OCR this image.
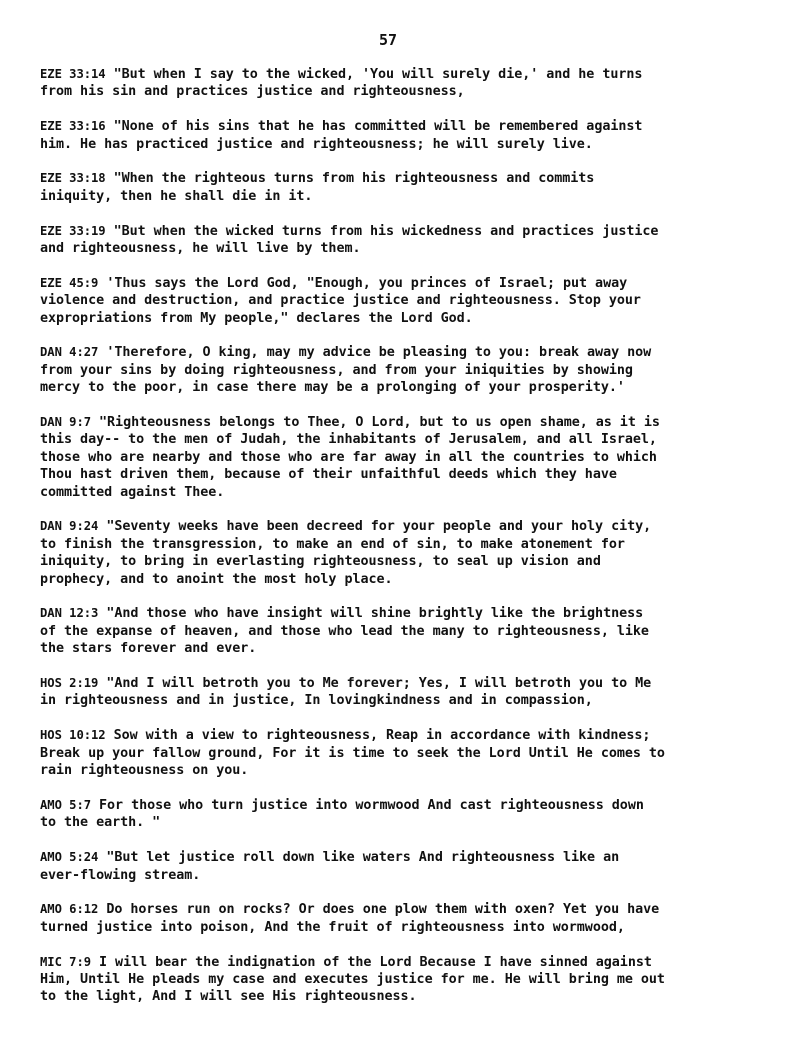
57

EZE 33:14 "But when I say to the wicked, 'You will surely die,' and he turns
from his sin and practices justice and righteousness,

EZE 33:16 "None of his sins that he has committed will be remembered against
him. He has practiced justice and righteousness; he will surely live.

EZE 33:18 "When the righteous turns from his righteousness and commits
iniquity, then he shall die in it.

EZE 33:19 "But when the wicked turns from his wickedness and practices justice
and righteousness, he will live by them.

EZE 45:9 'Thus says the Lord God, "Enough, you princes of Israel; put away
violence and destruction, and practice justice and righteousness. Stop your
expropriations from My people," declares the Lord God.

DAN 4:27 'Therefore, O king, may my advice be pleasing to you: break away now
from your sins by doing righteousness, and from your iniquities by showing
mercy to the poor, in case there may be a prolonging of your prosperity.'

DAN 9:7 "Righteousness belongs to Thee, O Lord, but to us open shame, as it is
this day-- to the men of Judah, the inhabitants of Jerusalem, and all Israel,
those who are nearby and those who are far away in all the countries to which
Thou hast driven them, because of their unfaithful deeds which they have
committed against Thee.

DAN 9:24 "Seventy weeks have been decreed for your people and your holy city,
to finish the transgression, to make an end of sin, to make atonement for
iniquity, to bring in everlasting righteousness, to seal up vision and
prophecy, and to anoint the most holy place.

DAN 12:3 "And those who have insight will shine brightly like the brightness
of the expanse of heaven, and those who lead the many to righteousness, like
the stars forever and ever.

HOS 2:19 "And I will betroth you to Me forever; Yes, I will betroth you to Me
in righteousness and in justice, In lovingkindness and in compassion,

HOS 10:12 Sow with a view to righteousness, Reap in accordance with kindness;
Break up your fallow ground, For it is time to seek the Lord Until He comes to
rain righteousness on you.

AMO 5:7 For those who turn justice into wormwood And cast righteousness down
to the earth. "

AMO 5:24 "But let justice roll down like waters And righteousness like an
ever-flowing stream.

AMO 6:12 Do horses run on rocks? Or does one plow them with oxen? Yet you have
turned justice into poison, And the fruit of righteousness into wormwood,

MIC 7:9 I will bear the indignation of the Lord Because I have sinned against
Him, Until He pleads my case and executes justice for me. He will bring me out
to the light, And I will see His righteousness.
